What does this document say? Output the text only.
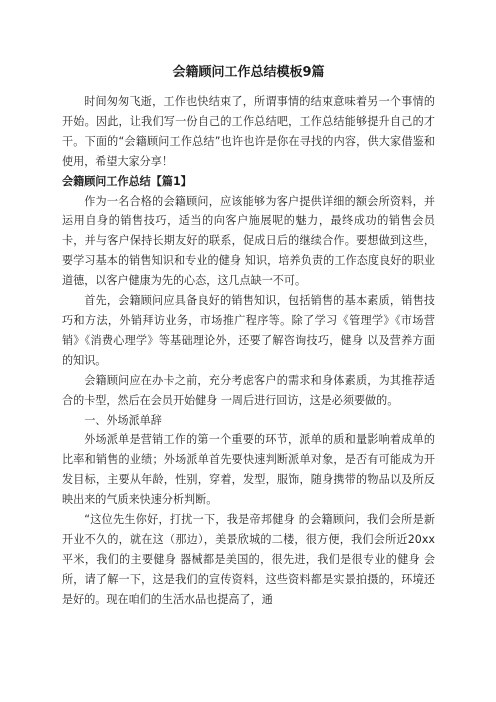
会籍顾问工作总结模板9篇

时间匆匆飞逝，工作也快结束了，所谓事情的结束意味着另一个事情的开始。因此，让我们写一份自己的工作总结吧，工作总结能够提升自己的才干。下面的“会籍顾问工作总结”也许也许是你在寻找的内容，供大家借鉴和使用，希望大家分享！

会籍顾问工作总结【篇1】

作为一名合格的会籍顾问，应该能够为客户提供详细的额会所资料，并运用自身的销售技巧，适当的向客户施展呢的魅力，最终成功的销售会员卡，并与客户保持长期友好的联系，促成日后的继续合作。要想做到这些，要学习基本的销售知识和专业的健身 知识，培养负责的工作态度良好的职业道德，以客户健康为先的心态，这几点缺一不可。

首先，会籍顾问应具备良好的销售知识，包括销售的基本素质，销售技巧和方法，外销拜访业务，市场推广程序等。除了学习《管理学》《市场营销》《消费心理学》等基础理论外，还要了解咨询技巧，健身 以及营养方面的知识。

会籍顾问应在办卡之前，充分考虑客户的需求和身体素质，为其推荐适合的卡型，然后在会员开始健身 一周后进行回访，这是必须要做的。

一、外场派单辞

外场派单是营销工作的第一个重要的环节，派单的质和量影响着成单的比率和销售的业绩；外场派单首先要快速判断派单对象，是否有可能成为开发目标，主要从年龄，性别，穿着，发型，服饰，随身携带的物品以及所反映出来的气质来快速分析判断。

“这位先生你好，打扰一下，我是帝邦健身 的会籍顾问，我们会所是新开业不久的，就在这（那边），美景欣城的二楼，很方便，我们会所近20xx平米，我们的主要健身 器械都是美国的，很先进，我们是很专业的健身 会所，请了解一下，这是我们的宣传资料，这些资料都是实景拍摄的，环境还是好的。现在咱们的生活水品也提高了，通
